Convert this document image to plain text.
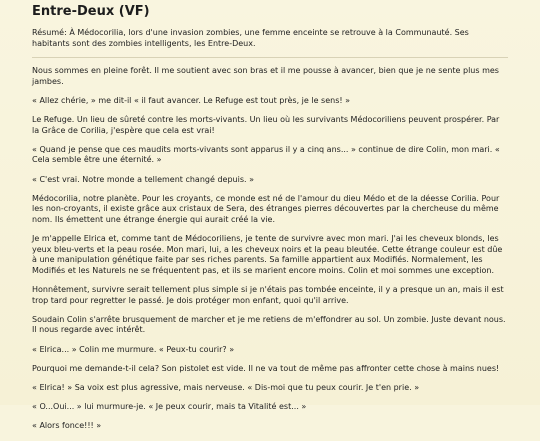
Entre-Deux (VF)

Résumé: À Médocorilia, lors d'une invasion zombies, une femme enceinte se retrouve à la Communauté. Ses habitants sont des zombies intelligents, les Entre-Deux.

Nous sommes en pleine forêt. Il me soutient avec son bras et il me pousse à avancer, bien que je ne sente plus mes jambes.

« Allez chérie, » me dit-il « il faut avancer. Le Refuge est tout près, je le sens! »

Le Refuge. Un lieu de sûreté contre les morts-vivants. Un lieu où les survivants Médocoriliens peuvent prospérer. Par la Grâce de Corilia, j'espère que cela est vrai!

« Quand je pense que ces maudits morts-vivants sont apparus il y a cinq ans... » continue de dire Colin, mon mari. « Cela semble être une éternité. »

« C'est vrai. Notre monde a tellement changé depuis. »

Médocorilia, notre planète. Pour les croyants, ce monde est né de l'amour du dieu Médo et de la déesse Corilia. Pour les non-croyants, il existe grâce aux cristaux de Sera, des étranges pierres découvertes par la chercheuse du même nom. Ils émettent une étrange énergie qui aurait créé la vie.

Je m'appelle Elrica et, comme tant de Médocoriliens, je tente de survivre avec mon mari. J'ai les cheveux blonds, les yeux bleu-verts et la peau rosée. Mon mari, lui, a les cheveux noirs et la peau bleutée. Cette étrange couleur est dûe à une manipulation génétique faite par ses riches parents. Sa famille appartient aux Modifiés. Normalement, les Modifiés et les Naturels ne se fréquentent pas, et ils se marient encore moins. Colin et moi sommes une exception.

Honnêtement, survivre serait tellement plus simple si je n'étais pas tombée enceinte, il y a presque un an, mais il est trop tard pour regretter le passé. Je dois protéger mon enfant, quoi qu'il arrive.

Soudain Colin s'arrête brusquement de marcher et je me retiens de m'effondrer au sol. Un zombie. Juste devant nous. Il nous regarde avec intérêt.

« Elrica... » Colin me murmure. « Peux-tu courir? »

Pourquoi me demande-t-il cela? Son pistolet est vide. Il ne va tout de même pas affronter cette chose à mains nues!

« Elrica! » Sa voix est plus agressive, mais nerveuse. « Dis-moi que tu peux courir. Je t'en prie. »

« O...Oui... » lui murmure-je. « Je peux courir, mais ta Vitalité est... »

« Alors fonce!!! »
